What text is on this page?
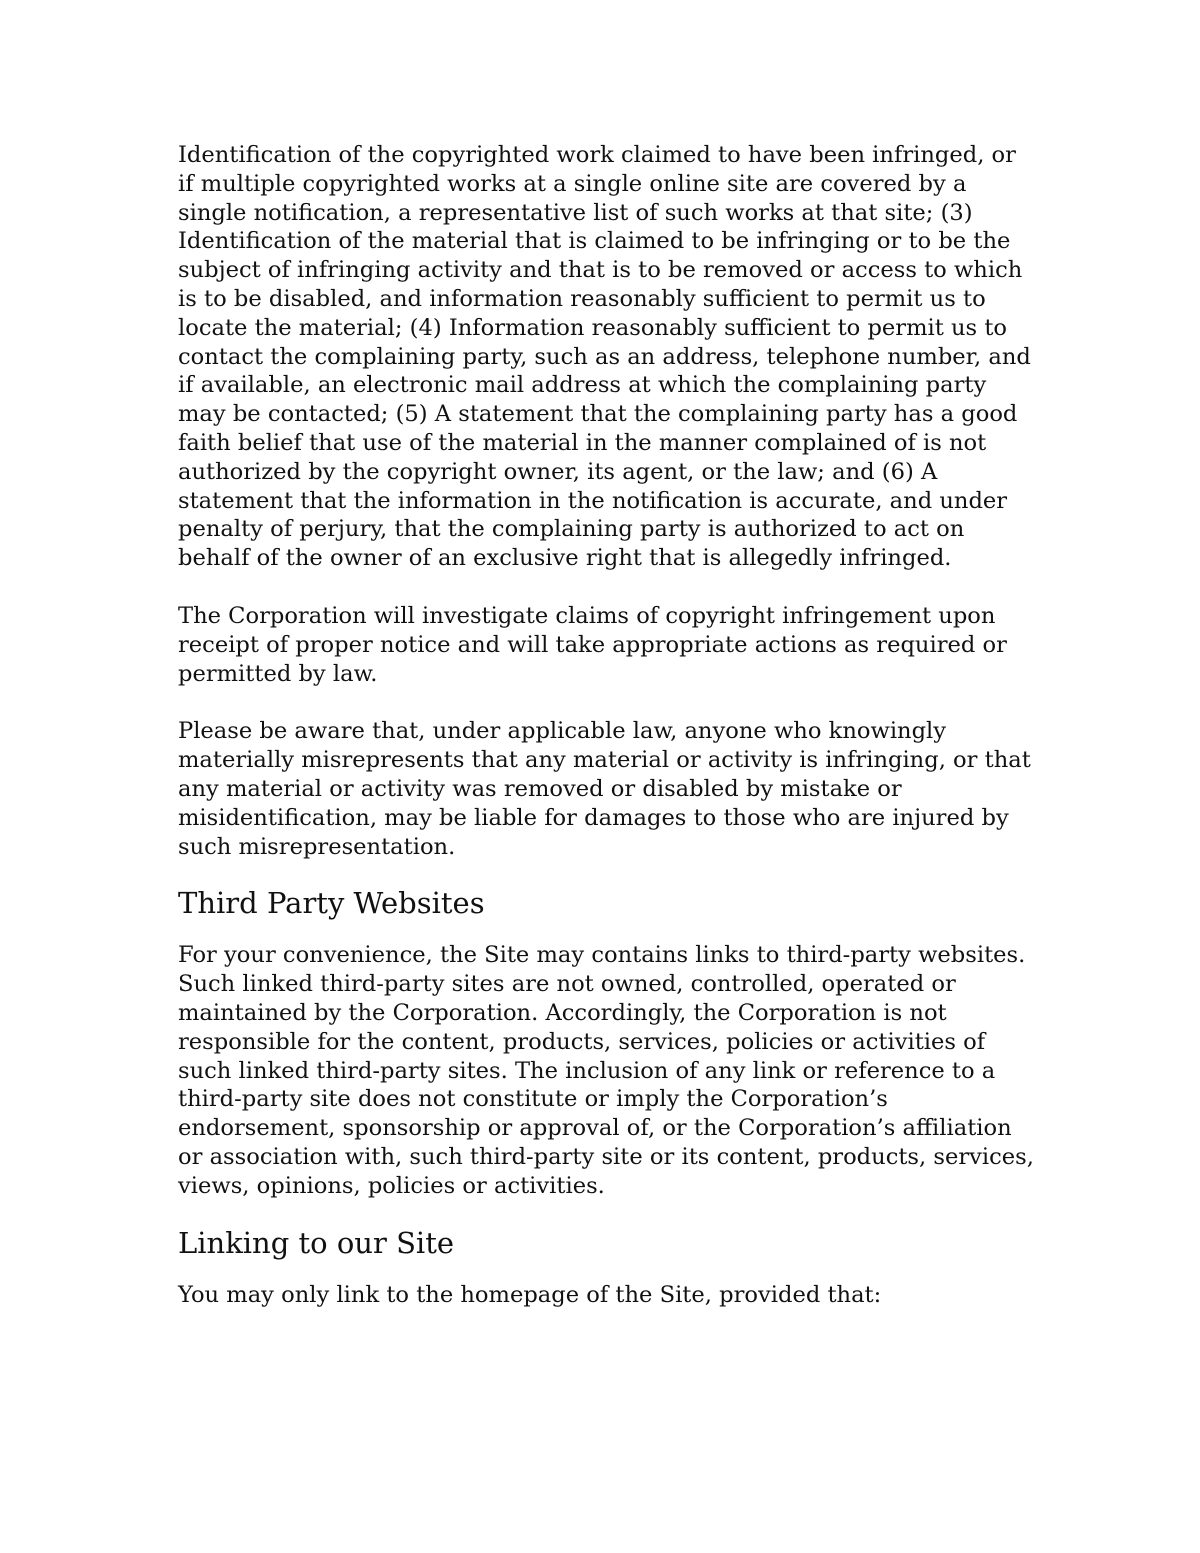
Identification of the copyrighted work claimed to have been infringed, or if multiple copyrighted works at a single online site are covered by a single notification, a representative list of such works at that site; (3) Identification of the material that is claimed to be infringing or to be the subject of infringing activity and that is to be removed or access to which is to be disabled, and information reasonably sufficient to permit us to locate the material; (4) Information reasonably sufficient to permit us to contact the complaining party, such as an address, telephone number, and if available, an electronic mail address at which the complaining party may be contacted; (5) A statement that the complaining party has a good faith belief that use of the material in the manner complained of is not authorized by the copyright owner, its agent, or the law; and (6) A statement that the information in the notification is accurate, and under penalty of perjury, that the complaining party is authorized to act on behalf of the owner of an exclusive right that is allegedly infringed.

The Corporation will investigate claims of copyright infringement upon receipt of proper notice and will take appropriate actions as required or permitted by law.

Please be aware that, under applicable law, anyone who knowingly materially misrepresents that any material or activity is infringing, or that any material or activity was removed or disabled by mistake or misidentification, may be liable for damages to those who are injured by such misrepresentation.

Third Party Websites

For your convenience, the Site may contains links to third-party websites. Such linked third-party sites are not owned, controlled, operated or maintained by the Corporation. Accordingly, the Corporation is not responsible for the content, products, services, policies or activities of such linked third-party sites. The inclusion of any link or reference to a third-party site does not constitute or imply the Corporation’s endorsement, sponsorship or approval of, or the Corporation’s affiliation or association with, such third-party site or its content, products, services, views, opinions, policies or activities.

Linking to our Site

You may only link to the homepage of the Site, provided that:
